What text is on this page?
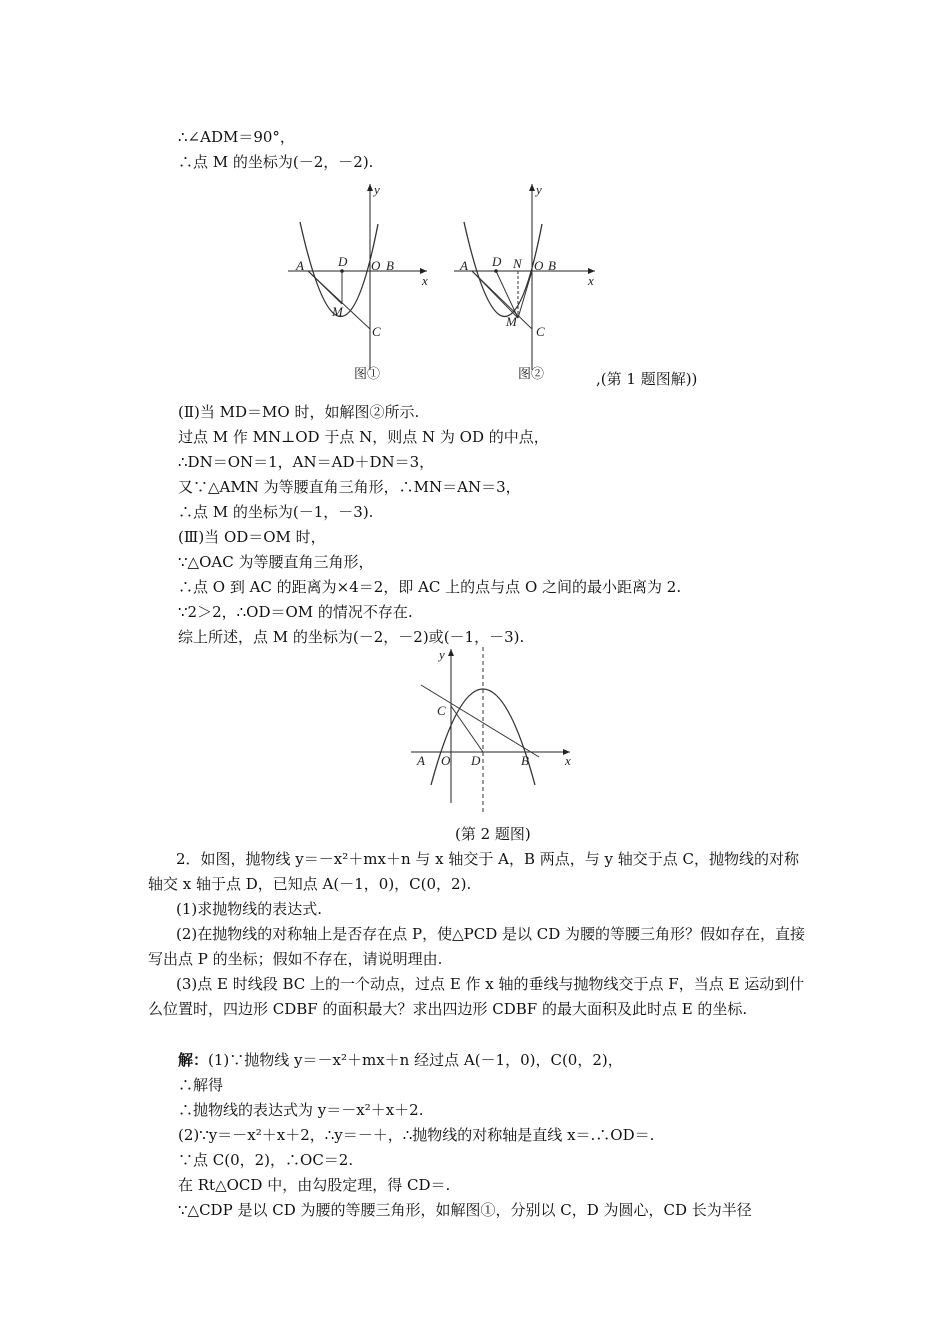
∴∠ADM＝90°，
∴点 M 的坐标为(－2，－2).
y
x
A	D O B
M
C
图①
y
x
A D N O B
M
C
图②	,(第 1 题图解))
(Ⅱ)当 MD＝MO 时，如解图②所示.
过点 M 作 MN⊥OD 于点 N，则点 N 为 OD 的中点，
∴DN＝ON＝1，AN＝AD＋DN＝3，
又∵△AMN 为等腰直角三角形，∴MN＝AN＝3，
∴点 M 的坐标为(－1，－3).
(Ⅲ)当 OD＝OM 时，
∵△OAC 为等腰直角三角形，
∴点 O 到 AC 的距离为×4＝2，即 AC 上的点与点 O 之间的最小距离为 2.
∵2＞2，∴OD＝OM 的情况不存在.
综上所述，点 M 的坐标为(－2，－2)或(－1，－3).
y
x
C
A O D	B
(第 2 题图)
2．如图，抛物线 y＝－x²＋mx＋n 与 x 轴交于 A，B 两点，与 y 轴交于点 C，抛物线的对称轴交 x 轴于点 D，已知点 A(－1，0)，C(0，2).
(1)求抛物线的表达式.
(2)在抛物线的对称轴上是否存在点 P，使△PCD 是以 CD 为腰的等腰三角形？假如存在，直接写出点 P 的坐标；假如不存在，请说明理由.
(3)点 E 时线段 BC 上的一个动点，过点 E 作 x 轴的垂线与抛物线交于点 F，当点 E 运动到什么位置时，四边形 CDBF 的面积最大？求出四边形 CDBF 的最大面积及此时点 E 的坐标.
解：(1)∵抛物线 y＝－x²＋mx＋n 经过点 A(－1，0)，C(0，2)，
∴解得
∴抛物线的表达式为 y＝－x²＋x＋2.
(2)∵y＝－x²＋x＋2，∴y＝－＋，∴抛物线的对称轴是直线 x＝.∴OD＝.
∵点 C(0，2)，∴OC＝2.
在 Rt△OCD 中，由勾股定理，得 CD＝.
∵△CDP 是以 CD 为腰的等腰三角形，如解图①，分别以 C，D 为圆心，CD 长为半径
